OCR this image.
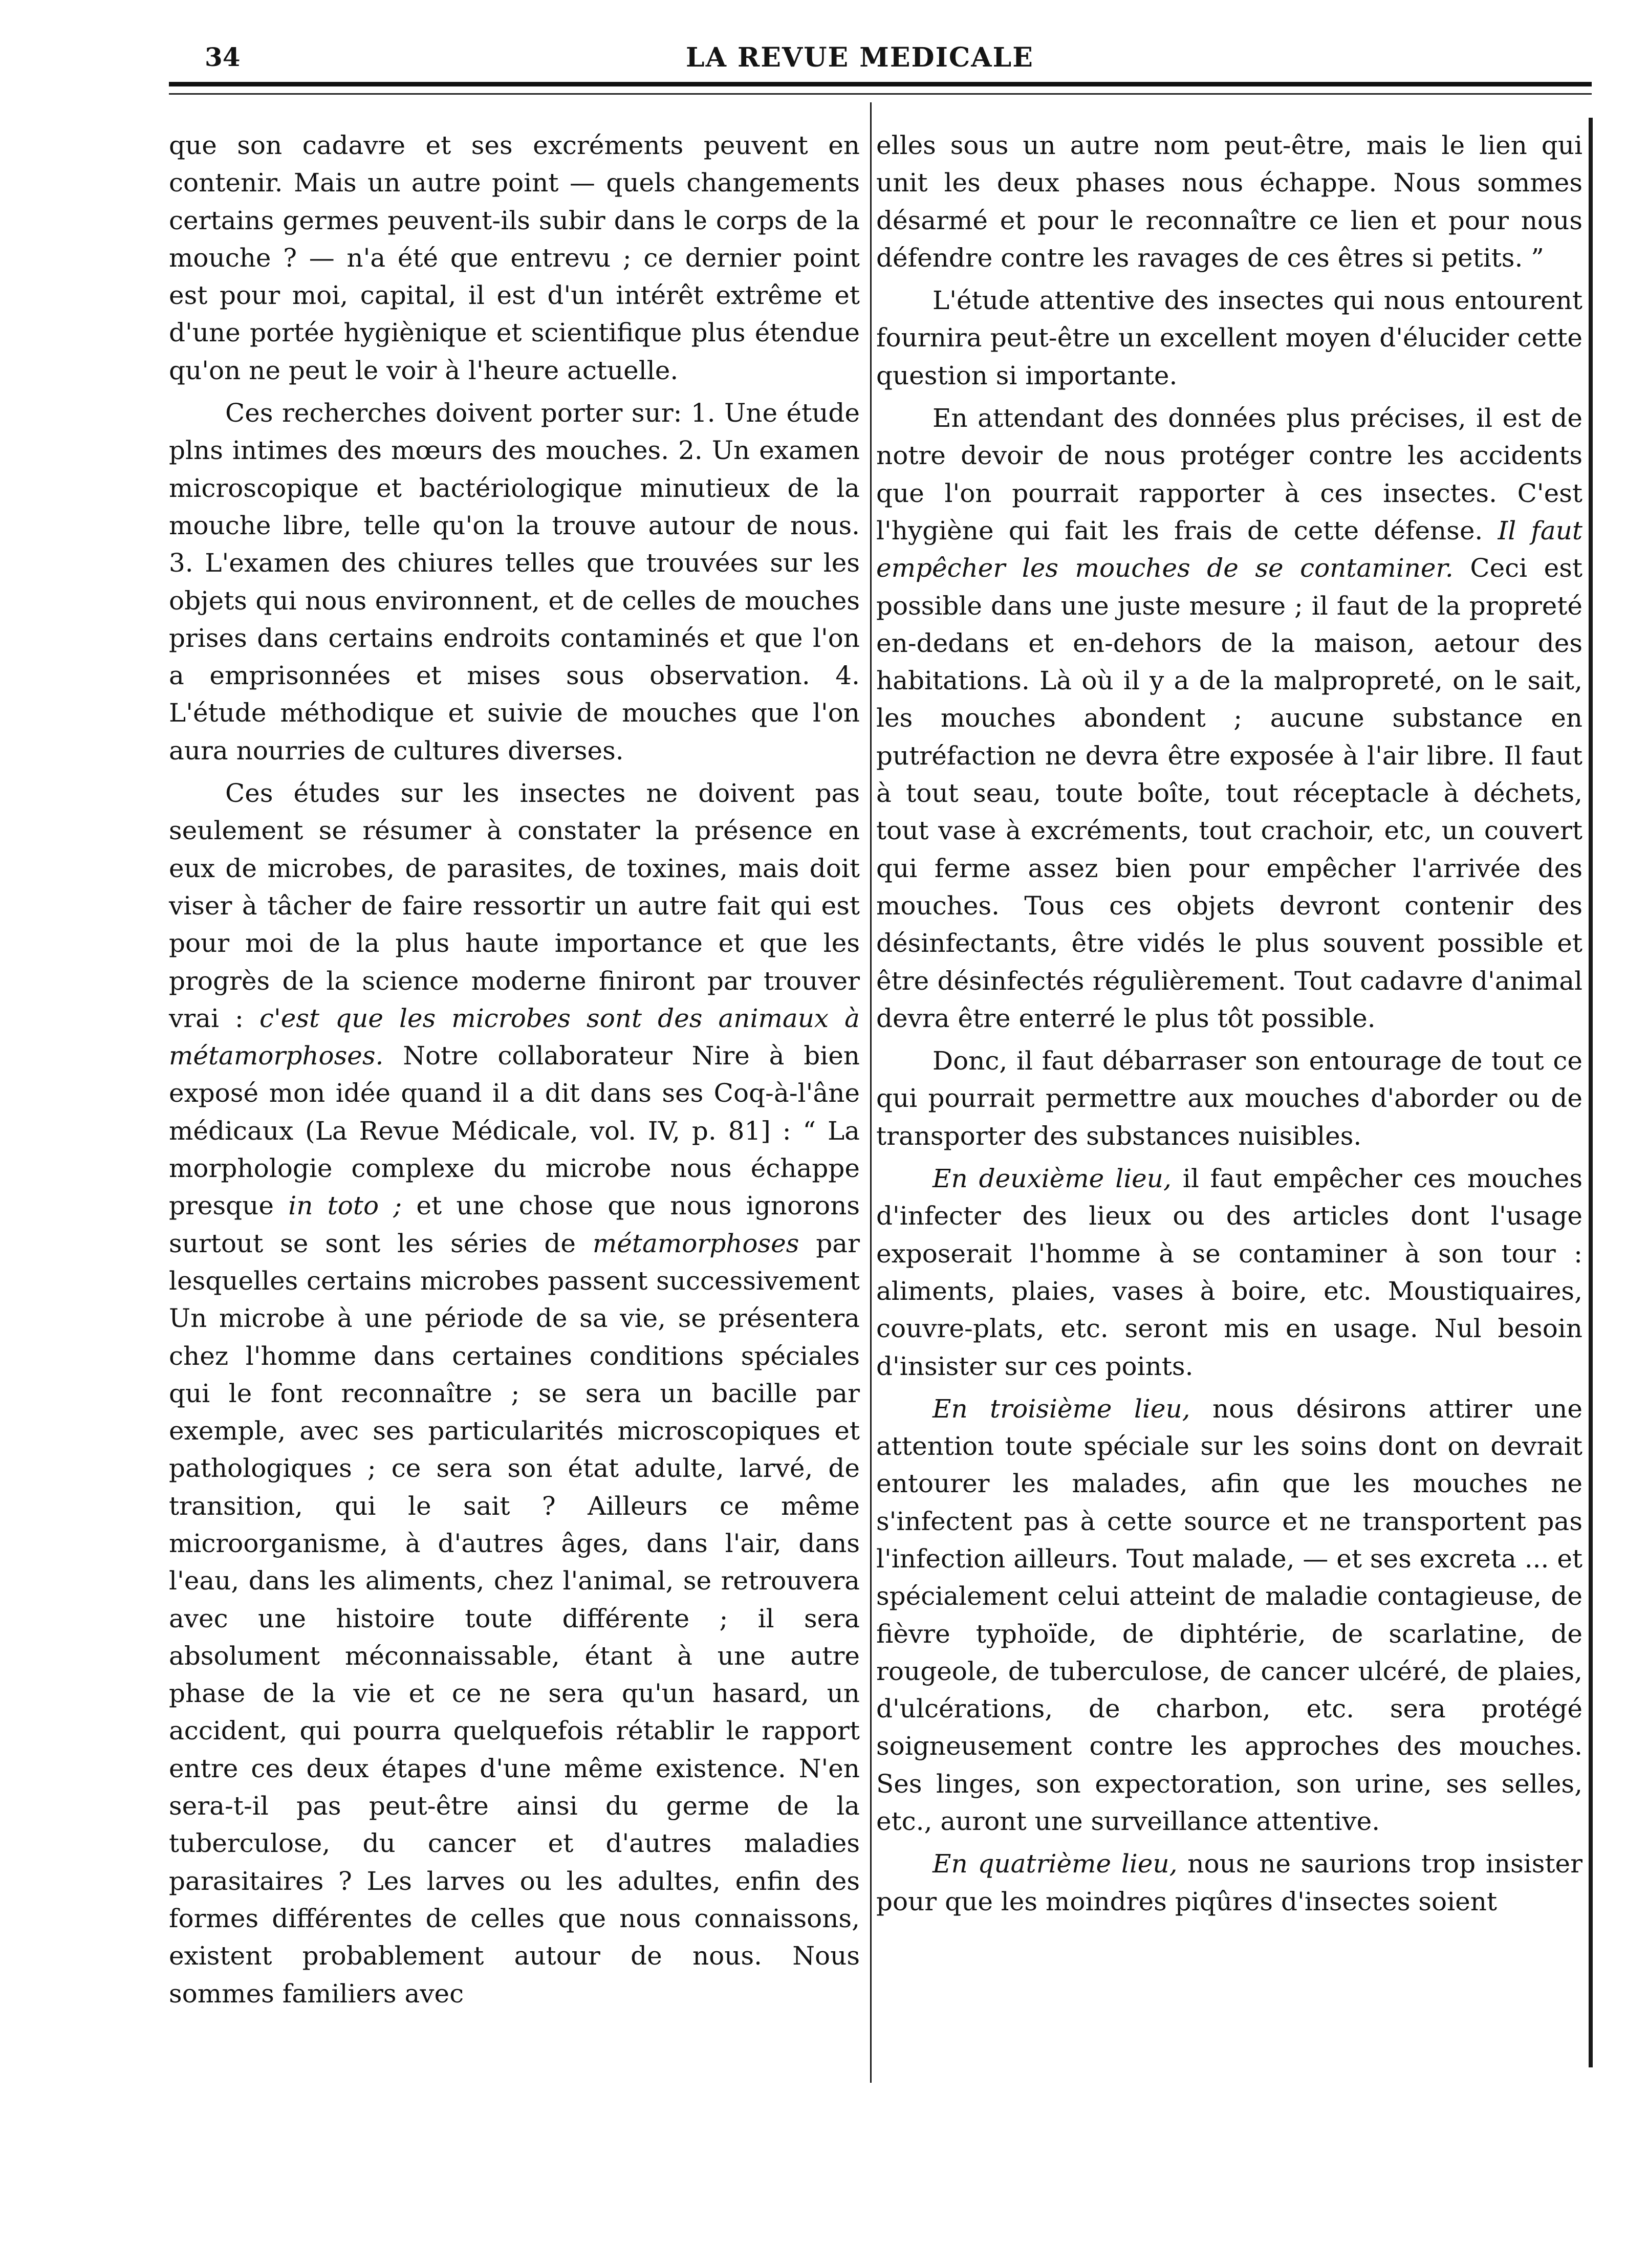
34	LA REVUE MEDICALE

que son cadavre et ses excréments peuvent en contenir. Mais un autre point — quels changements certains germes peuvent-ils subir dans le corps de la mouche ? — n'a été que entrevu ; ce dernier point est pour moi, capital, il est d'un intérêt extrême et d'une portée hygiènique et scientifique plus étendue qu'on ne peut le voir à l'heure actuelle.

Ces recherches doivent porter sur: 1. Une étude plns intimes des mœurs des mouches. 2. Un examen microscopique et bactériologique minutieux de la mouche libre, telle qu'on la trouve autour de nous. 3. L'examen des chiures telles que trouvées sur les objets qui nous environnent, et de celles de mouches prises dans certains endroits contaminés et que l'on a emprisonnées et mises sous observation. 4. L'étude méthodique et suivie de mouches que l'on aura nourries de cultures diverses.

Ces études sur les insectes ne doivent pas seulement se résumer à constater la présence en eux de microbes, de parasites, de toxines, mais doit viser à tâcher de faire ressortir un autre fait qui est pour moi de la plus haute importance et que les progrès de la science moderne finiront par trouver vrai : c'est que les microbes sont des animaux à métamorphoses. Notre collaborateur Nire à bien exposé mon idée quand il a dit dans ses Coq-à-l'âne médicaux (La Revue Médicale, vol. IV, p. 81] : “ La morphologie complexe du microbe nous échappe presque in toto ; et une chose que nous ignorons surtout se sont les séries de métamorphoses par lesquelles certains microbes passent successivement Un microbe à une période de sa vie, se présentera chez l'homme dans certaines conditions spéciales qui le font reconnaître ; se sera un bacille par exemple, avec ses particularités microscopiques et pathologiques ; ce sera son état adulte, larvé, de transition, qui le sait ? Ailleurs ce même microorganisme, à d'autres âges, dans l'air, dans l'eau, dans les aliments, chez l'animal, se retrouvera avec une histoire toute différente ; il sera absolument méconnaissable, étant à une autre phase de la vie et ce ne sera qu'un hasard, un accident, qui pourra quelquefois rétablir le rapport entre ces deux étapes d'une même existence. N'en sera-t-il pas peut-être ainsi du germe de la tuberculose, du cancer et d'autres maladies parasitaires ? Les larves ou les adultes, enfin des formes différentes de celles que nous connaissons, existent probablement autour de nous. Nous sommes familiers avec

elles sous un autre nom peut-être, mais le lien qui unit les deux phases nous échappe. Nous sommes désarmé et pour le reconnaître ce lien et pour nous défendre contre les ravages de ces êtres si petits. ”

L'étude attentive des insectes qui nous entourent fournira peut-être un excellent moyen d'élucider cette question si importante.

En attendant des données plus précises, il est de notre devoir de nous protéger contre les accidents que l'on pourrait rapporter à ces insectes. C'est l'hygiène qui fait les frais de cette défense. Il faut empêcher les mouches de se contaminer. Ceci est possible dans une juste mesure ; il faut de la propreté en-dedans et en-dehors de la maison, aetour des habitations. Là où il y a de la malpropreté, on le sait, les mouches abondent ; aucune substance en putréfaction ne devra être exposée à l'air libre. Il faut à tout seau, toute boîte, tout réceptacle à déchets, tout vase à excréments, tout crachoir, etc, un couvert qui ferme assez bien pour empêcher l'arrivée des mouches. Tous ces objets devront contenir des désinfectants, être vidés le plus souvent possible et être désinfectés régulièrement. Tout cadavre d'animal devra être enterré le plus tôt possible.

Donc, il faut débarraser son entourage de tout ce qui pourrait permettre aux mouches d'aborder ou de transporter des substances nuisibles.

En deuxième lieu, il faut empêcher ces mouches d'infecter des lieux ou des articles dont l'usage exposerait l'homme à se contaminer à son tour : aliments, plaies, vases à boire, etc. Moustiquaires, couvre-plats, etc. seront mis en usage. Nul besoin d'insister sur ces points.

En troisième lieu, nous désirons attirer une attention toute spéciale sur les soins dont on devrait entourer les malades, afin que les mouches ne s'infectent pas à cette source et ne transportent pas l'infection ailleurs. Tout malade, — et ses excreta ... et spécialement celui atteint de maladie contagieuse, de fièvre typhoïde, de diphtérie, de scarlatine, de rougeole, de tuberculose, de cancer ulcéré, de plaies, d'ulcérations, de charbon, etc. sera protégé soigneusement contre les approches des mouches. Ses linges, son expectoration, son urine, ses selles, etc., auront une surveillance attentive.

En quatrième lieu, nous ne saurions trop insister pour que les moindres piqûres d'insectes soient
